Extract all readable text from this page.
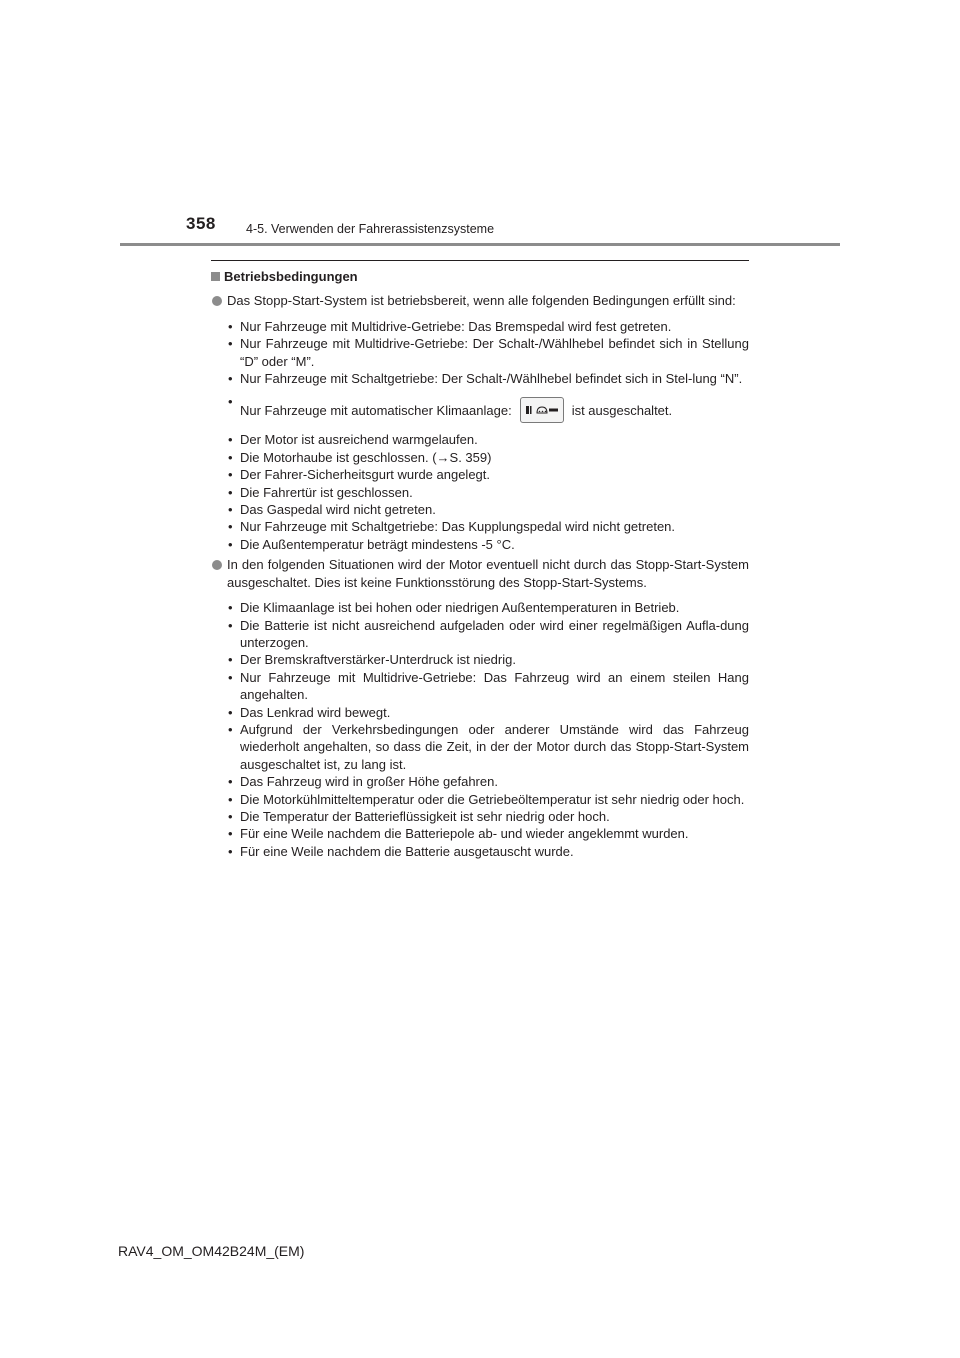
358 4-5. Verwenden der Fahrerassistenzsysteme
Betriebsbedingungen
Das Stopp-Start-System ist betriebsbereit, wenn alle folgenden Bedingungen erfüllt sind:
• Nur Fahrzeuge mit Multidrive-Getriebe: Das Bremspedal wird fest getreten.
• Nur Fahrzeuge mit Multidrive-Getriebe: Der Schalt-/Wählhebel befindet sich in Stellung “D” oder “M”.
• Nur Fahrzeuge mit Schaltgetriebe: Der Schalt-/Wählhebel befindet sich in Stel-lung “N”.
• Nur Fahrzeuge mit automatischer Klimaanlage:	ist ausgeschaltet.
• Der Motor ist ausreichend warmgelaufen.
• Die Motorhaube ist geschlossen. (→S. 359)
• Der Fahrer-Sicherheitsgurt wurde angelegt.
• Die Fahrertür ist geschlossen.
• Das Gaspedal wird nicht getreten.
• Nur Fahrzeuge mit Schaltgetriebe: Das Kupplungspedal wird nicht getreten.
• Die Außentemperatur beträgt mindestens -5 °C.
In den folgenden Situationen wird der Motor eventuell nicht durch das Stopp-Start-System ausgeschaltet. Dies ist keine Funktionsstörung des Stopp-Start-Systems.
• Die Klimaanlage ist bei hohen oder niedrigen Außentemperaturen in Betrieb.
• Die Batterie ist nicht ausreichend aufgeladen oder wird einer regelmäßigen Aufla-dung unterzogen.
• Der Bremskraftverstärker-Unterdruck ist niedrig.
• Nur Fahrzeuge mit Multidrive-Getriebe: Das Fahrzeug wird an einem steilen Hang angehalten.
• Das Lenkrad wird bewegt.
• Aufgrund der Verkehrsbedingungen oder anderer Umstände wird das Fahrzeug wiederholt angehalten, so dass die Zeit, in der der Motor durch das Stopp-Start-System ausgeschaltet ist, zu lang ist.
• Das Fahrzeug wird in großer Höhe gefahren.
• Die Motorkühlmitteltemperatur oder die Getriebeöltemperatur ist sehr niedrig oder hoch.
• Die Temperatur der Batterieflüssigkeit ist sehr niedrig oder hoch.
• Für eine Weile nachdem die Batteriepole ab- und wieder angeklemmt wurden.
• Für eine Weile nachdem die Batterie ausgetauscht wurde.
RAV4_OM_OM42B24M_(EM)
